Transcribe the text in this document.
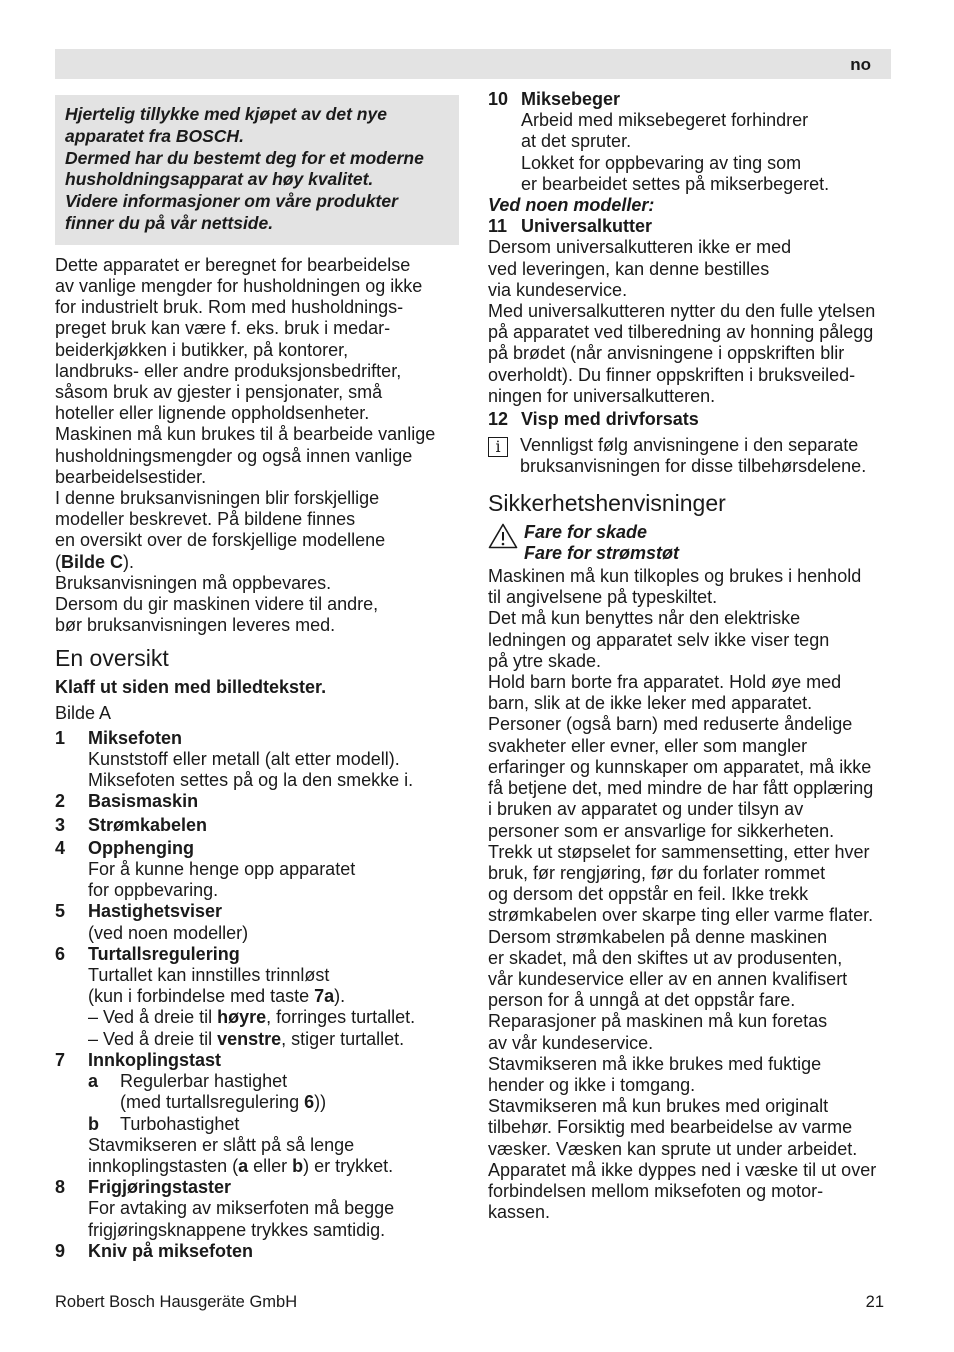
no
Hjertelig tillykke med kjøpet av det nye
apparatet fra BOSCH.
Dermed har du bestemt deg for et moderne
husholdningsapparat av høy kvalitet.
Videre informasjoner om våre produkter
finner du på vår nettside.
Dette apparatet er beregnet for bearbeidelse
av vanlige mengder for husholdningen og ikke
for industrielt bruk. Rom med husholdnings-
preget bruk kan være f. eks. bruk i medar-
beiderkjøkken i butikker, på kontorer,
landbruks- eller andre produksjonsbedrifter,
såsom bruk av gjester i pensjonater, små
hoteller eller lignende oppholdsenheter.
Maskinen må kun brukes til å bearbeide vanlige
husholdningsmengder og også innen vanlige
bearbeidelsestider.
I denne bruksanvisningen blir forskjellige
modeller beskrevet. På bildene finnes
en oversikt over de forskjellige modellene
(Bilde C).
Bruksanvisningen må oppbevares.
Dersom du gir maskinen videre til andre,
bør bruksanvisningen leveres med.
En oversikt
Klaff ut siden med billedtekster.
Bilde A
1	Miksefoten
Kunststoff eller metall (alt etter modell).
Miksefoten settes på og la den smekke i.
2	Basismaskin
3	Strømkabelen
4	Opphenging
For å kunne henge opp apparatet
for oppbevaring.
5	Hastighetsviser
(ved noen modeller)
6	Turtallsregulering
Turtallet kan innstilles trinnløst
(kun i forbindelse med taste 7a).
– Ved å dreie til høyre, forringes turtallet.
– Ved å dreie til venstre, stiger turtallet.
7	Innkoplingstast
a	Regulerbar hastighet
(med turtallsregulering 6))
b	Turbohastighet
Stavmikseren er slått på så lenge
innkoplingstasten (a eller b) er trykket.
8	Frigjøringstaster
For avtaking av mikserfoten må begge
frigjøringsknappene trykkes samtidig.
9	Kniv på miksefoten
10 Miksebeger
Arbeid med miksebegeret forhindrer
at det spruter.
Lokket for oppbevaring av ting som
er bearbeidet settes på mikserbegeret.
Ved noen modeller:
11 Universalkutter
Dersom universalkutteren ikke er med
ved leveringen, kan denne bestilles
via kundeservice.
Med universalkutteren nytter du den fulle ytelsen
på apparatet ved tilberedning av honning pålegg
på brødet (når anvisningene i oppskriften blir
overholdt). Du finner oppskriften i bruksveiled-
ningen for universalkutteren.
12 Visp med drivforsats
i	Vennligst følg anvisningene i den separate
bruksanvisningen for disse tilbehørsdelene.
Sikkerhetshenvisninger
Fare for skade
Fare for strømstøt
Maskinen må kun tilkoples og brukes i henhold
til angivelsene på typeskiltet.
Det må kun benyttes når den elektriske
ledningen og apparatet selv ikke viser tegn
på ytre skade.
Hold barn borte fra apparatet. Hold øye med
barn, slik at de ikke leker med apparatet.
Personer (også barn) med reduserte åndelige
svakheter eller evner, eller som mangler
erfaringer og kunnskaper om apparatet, må ikke
få betjene det, med mindre de har fått opplæring
i bruken av apparatet og under tilsyn av
personer som er ansvarlige for sikkerheten.
Trekk ut støpselet for sammensetting, etter hver
bruk, før rengjøring, før du forlater rommet
og dersom det oppstår en feil. Ikke trekk
strømkabelen over skarpe ting eller varme flater.
Dersom strømkabelen på denne maskinen
er skadet, må den skiftes ut av produsenten,
vår kundeservice eller av en annen kvalifisert
person for å unngå at det oppstår fare.
Reparasjoner på maskinen må kun foretas
av vår kundeservice.
Stavmikseren må ikke brukes med fuktige
hender og ikke i tomgang.
Stavmikseren må kun brukes med originalt
tilbehør. Forsiktig med bearbeidelse av varme
væsker. Væsken kan sprute ut under arbeidet.
Apparatet må ikke dyppes ned i væske til ut over
forbindelsen mellom miksefoten og motor-
kassen.
Robert Bosch Hausgeräte GmbH	21
